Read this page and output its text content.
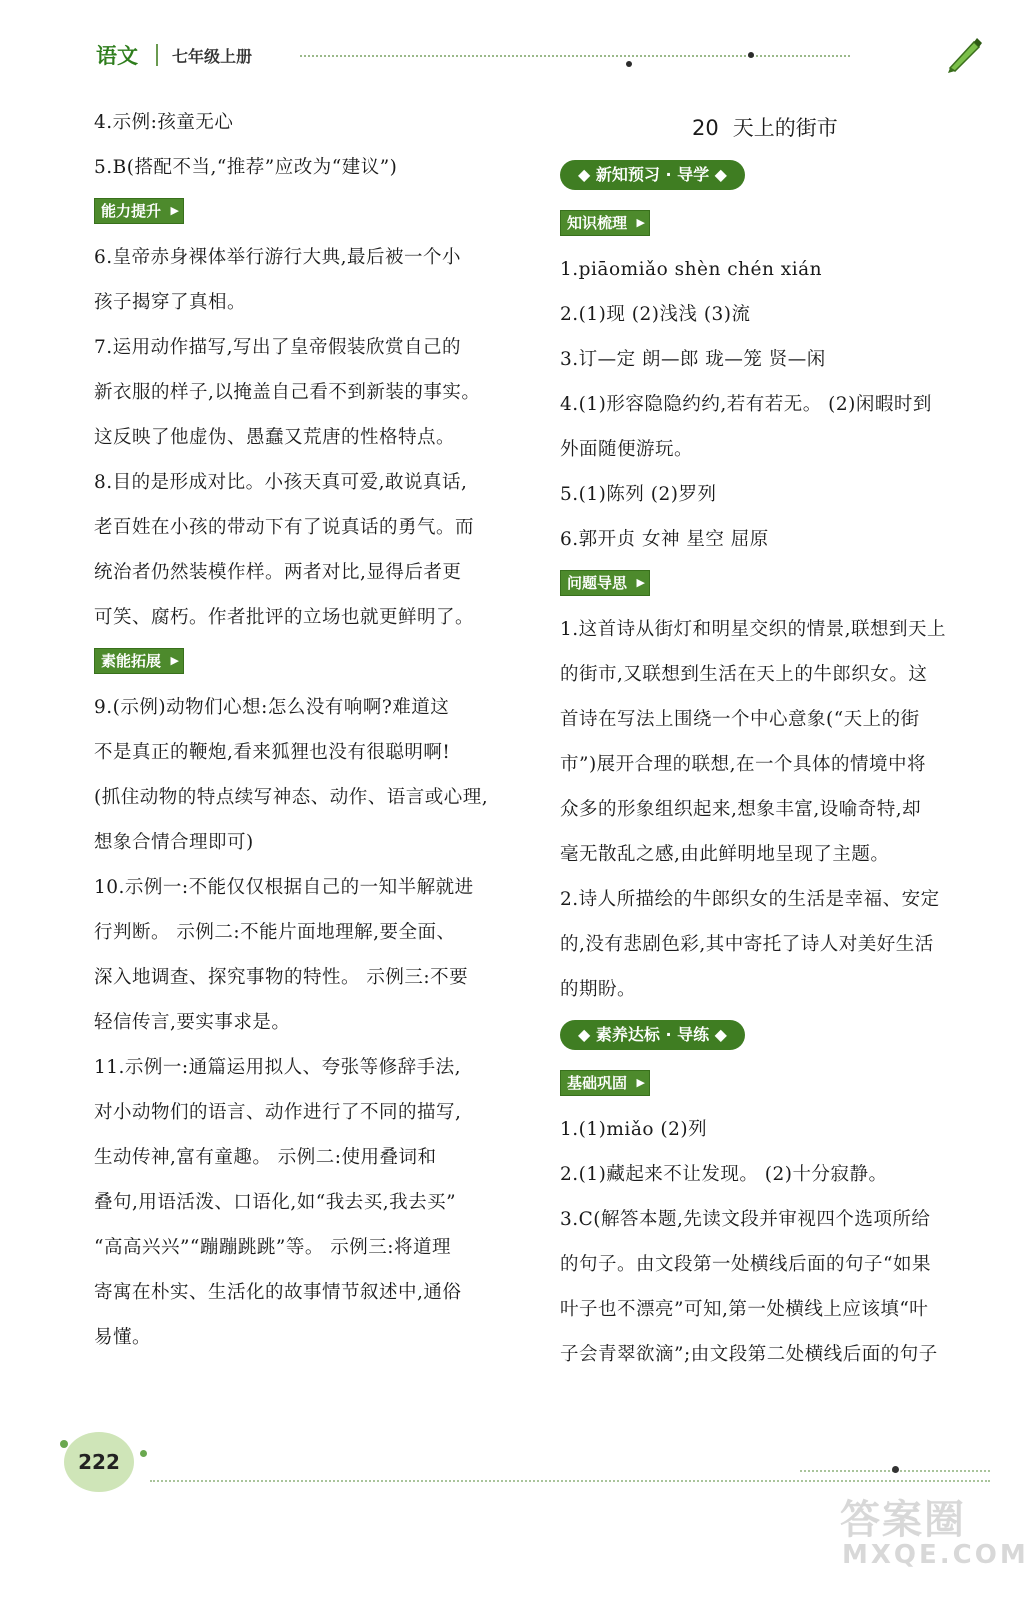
语文 七年级上册
4.示例:孩童无心
5.B(搭配不当,“推荐”应改为“建议”)
能力提升 ▶
6.皇帝赤身裸体举行游行大典,最后被一个小
孩子揭穿了真相。
7.运用动作描写,写出了皇帝假装欣赏自己的
新衣服的样子,以掩盖自己看不到新装的事实。
这反映了他虚伪、愚蠢又荒唐的性格特点。
8.目的是形成对比。小孩天真可爱,敢说真话,
老百姓在小孩的带动下有了说真话的勇气。而
统治者仍然装模作样。两者对比,显得后者更
可笑、腐朽。作者批评的立场也就更鲜明了。
素能拓展 ▶
9.(示例)动物们心想:怎么没有响啊?难道这
不是真正的鞭炮,看来狐狸也没有很聪明啊!
(抓住动物的特点续写神态、动作、语言或心理,
想象合情合理即可)
10.示例一:不能仅仅根据自己的一知半解就进
行判断。 示例二:不能片面地理解,要全面、
深入地调查、探究事物的特性。 示例三:不要
轻信传言,要实事求是。
11.示例一:通篇运用拟人、夸张等修辞手法,
对小动物们的语言、动作进行了不同的描写,
生动传神,富有童趣。 示例二:使用叠词和
叠句,用语活泼、口语化,如“我去买,我去买”
“高高兴兴”“蹦蹦跳跳”等。 示例三:将道理
寄寓在朴实、生活化的故事情节叙述中,通俗
易懂。
20 天上的街市
◆ 新知预习 · 导学 ◆
知识梳理 ▶
1.piāomiǎo shèn chén xián
2.(1)现 (2)浅浅 (3)流
3.订—定 朗—郎 珑—笼 贤—闲
4.(1)形容隐隐约约,若有若无。 (2)闲暇时到
外面随便游玩。
5.(1)陈列 (2)罗列
6.郭开贞 女神 星空 屈原
问题导思 ▶
1.这首诗从街灯和明星交织的情景,联想到天上
的街市,又联想到生活在天上的牛郎织女。这
首诗在写法上围绕一个中心意象(“天上的街
市”)展开合理的联想,在一个具体的情境中将
众多的形象组织起来,想象丰富,设喻奇特,却
毫无散乱之感,由此鲜明地呈现了主题。
2.诗人所描绘的牛郎织女的生活是幸福、安定
的,没有悲剧色彩,其中寄托了诗人对美好生活
的期盼。
◆ 素养达标 · 导练 ◆
基础巩固 ▶
1.(1)miǎo (2)列
2.(1)藏起来不让发现。 (2)十分寂静。
3.C(解答本题,先读文段并审视四个选项所给
的句子。由文段第一处横线后面的句子“如果
叶子也不漂亮”可知,第一处横线上应该填“叶
子会青翠欲滴”;由文段第二处横线后面的句子
222
答案圈
MXQE.COM
